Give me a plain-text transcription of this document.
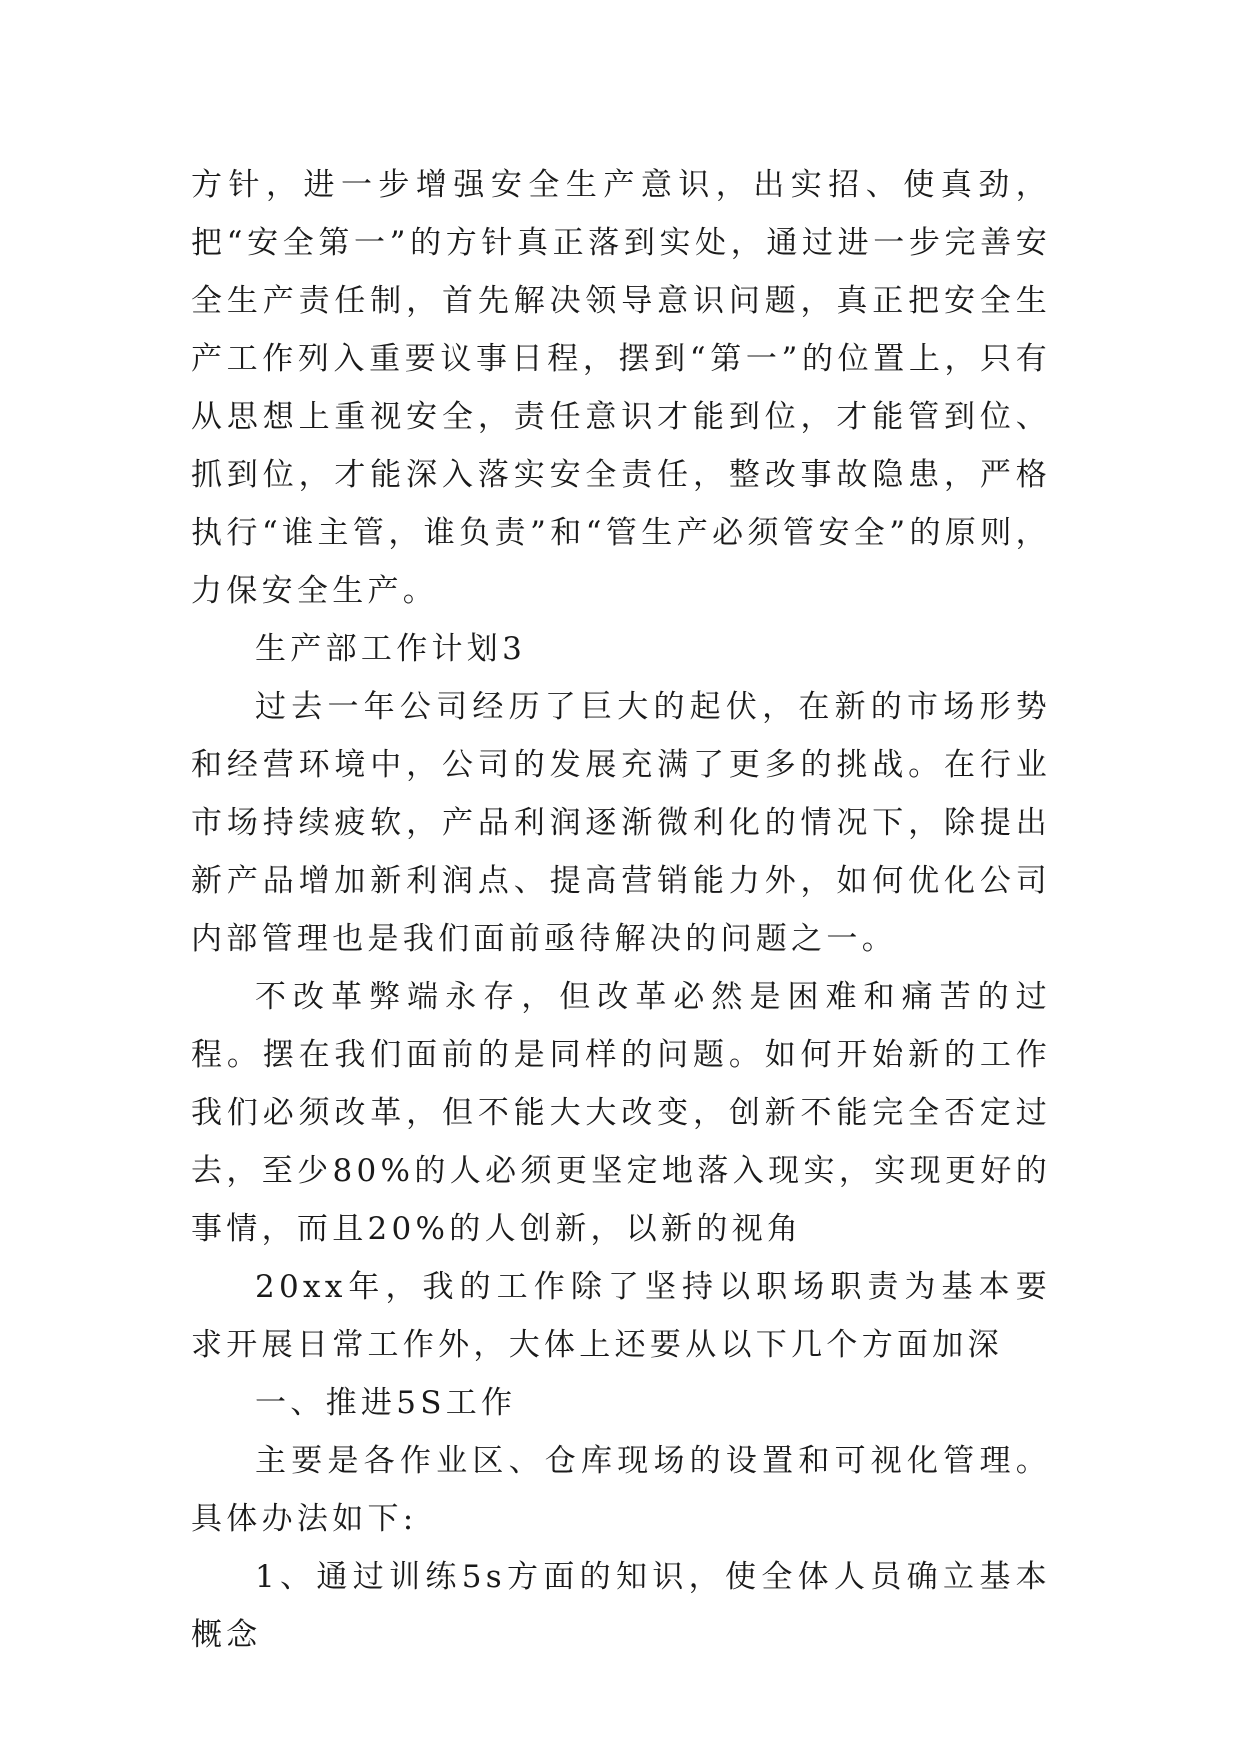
方针，进一步增强安全生产意识，出实招、使真劲，把“安全第一”的方针真正落到实处，通过进一步完善安全生产责任制，首先解决领导意识问题，真正把安全生产工作列入重要议事日程，摆到“第一”的位置上，只有从思想上重视安全，责任意识才能到位，才能管到位、抓到位，才能深入落实安全责任，整改事故隐患，严格执行“谁主管，谁负责”和“管生产必须管安全”的原则，力保安全生产。

生产部工作计划3

过去一年公司经历了巨大的起伏，在新的市场形势和经营环境中，公司的发展充满了更多的挑战。在行业市场持续疲软，产品利润逐渐微利化的情况下，除提出新产品增加新利润点、提高营销能力外，如何优化公司内部管理也是我们面前亟待解决的问题之一。

不改革弊端永存，但改革必然是困难和痛苦的过程。摆在我们面前的是同样的问题。如何开始新的工作我们必须改革，但不能大大改变，创新不能完全否定过去，至少80%的人必须更坚定地落入现实，实现更好的事情，而且20%的人创新，以新的视角

20xx年，我的工作除了坚持以职场职责为基本要求开展日常工作外，大体上还要从以下几个方面加深

一、推进5S工作

主要是各作业区、仓库现场的设置和可视化管理。具体办法如下:

1、通过训练5s方面的知识，使全体人员确立基本概念
